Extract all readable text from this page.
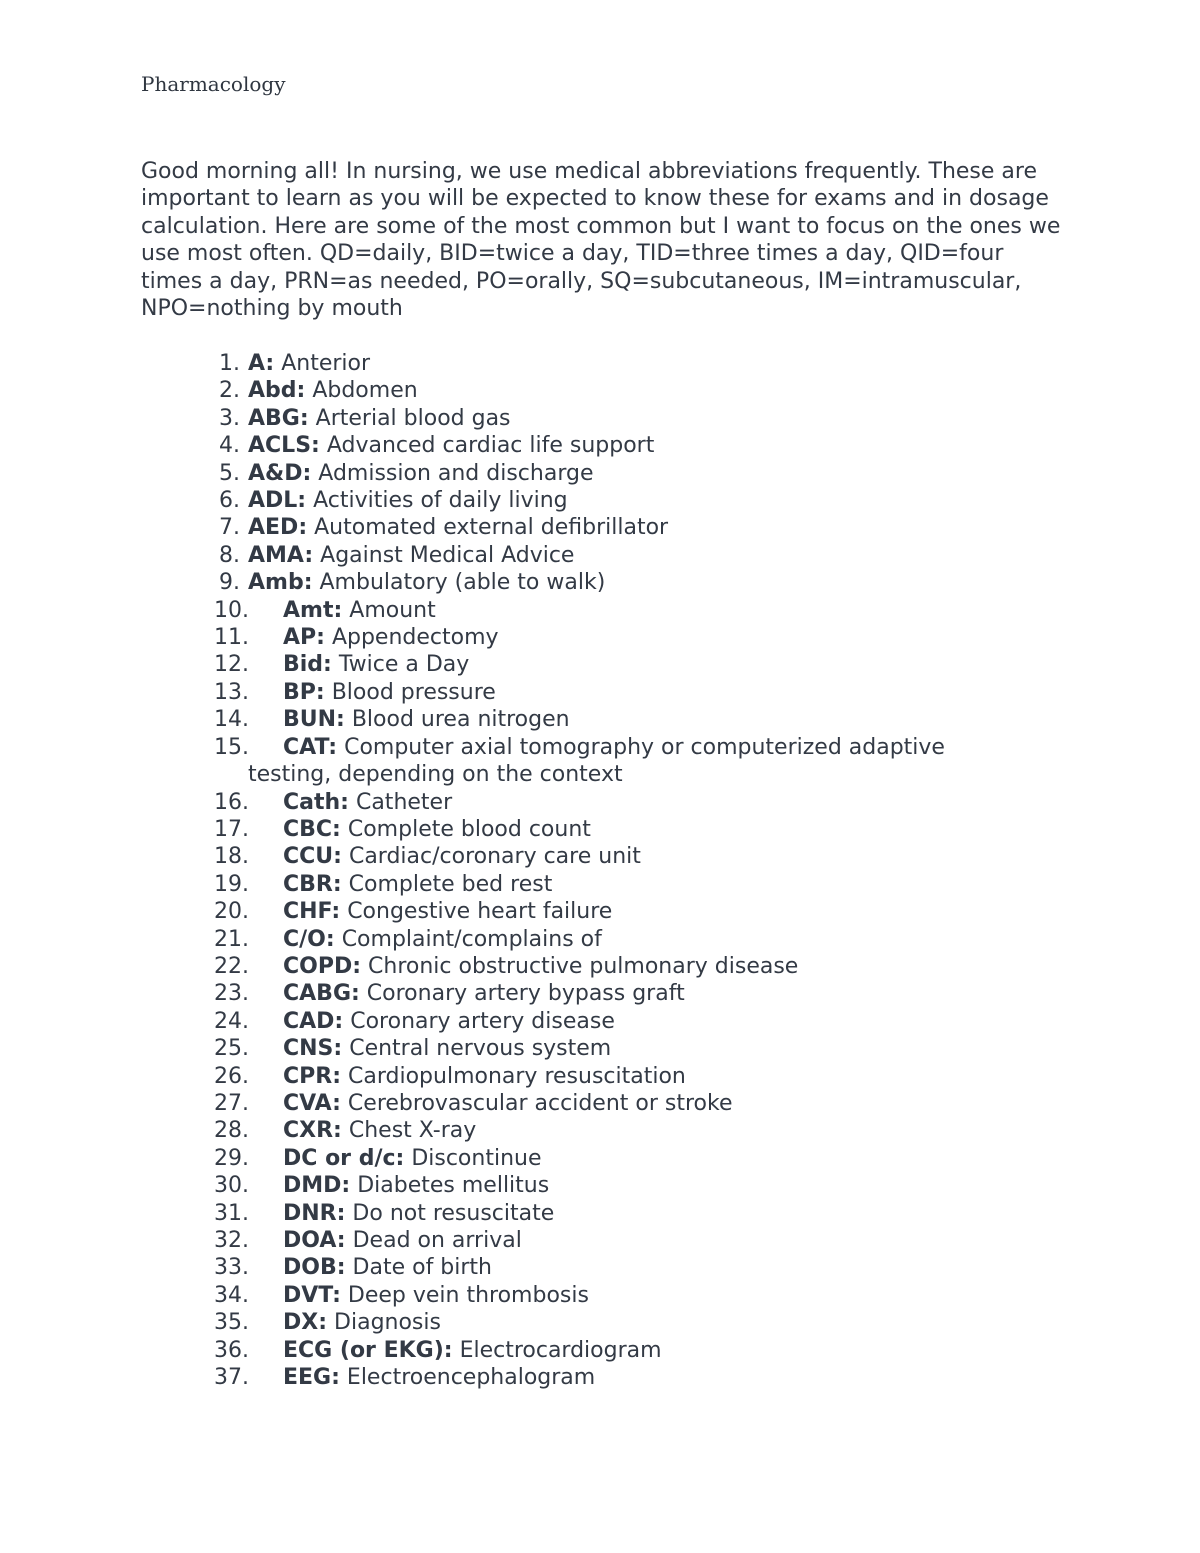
Pharmacology
Good morning all! In nursing, we use medical abbreviations frequently. These are important to learn as you will be expected to know these for exams and in dosage calculation. Here are some of the most common but I want to focus on the ones we use most often. QD=daily, BID=twice a day, TID=three times a day, QID=four times a day, PRN=as needed, PO=orally, SQ=subcutaneous, IM=intramuscular, NPO=nothing by mouth
1. A: Anterior
2. Abd: Abdomen
3. ABG: Arterial blood gas
4. ACLS: Advanced cardiac life support
5. A&D: Admission and discharge
6. ADL: Activities of daily living
7. AED: Automated external defibrillator
8. AMA: Against Medical Advice
9. Amb: Ambulatory (able to walk)
10.	Amt: Amount
11.	AP: Appendectomy
12.	Bid: Twice a Day
13.	BP: Blood pressure
14.	BUN: Blood urea nitrogen
15.	CAT: Computer axial tomography or computerized adaptive testing, depending on the context
16.	Cath: Catheter
17.	CBC: Complete blood count
18.	CCU: Cardiac/coronary care unit
19.	CBR: Complete bed rest
20.	CHF: Congestive heart failure
21.	C/O: Complaint/complains of
22.	COPD: Chronic obstructive pulmonary disease
23.	CABG: Coronary artery bypass graft
24.	CAD: Coronary artery disease
25.	CNS: Central nervous system
26.	CPR: Cardiopulmonary resuscitation
27.	CVA: Cerebrovascular accident or stroke
28.	CXR: Chest X-ray
29.	DC or d/c: Discontinue
30.	DMD: Diabetes mellitus
31.	DNR: Do not resuscitate
32.	DOA: Dead on arrival
33.	DOB: Date of birth
34.	DVT: Deep vein thrombosis
35.	DX: Diagnosis
36.	ECG (or EKG): Electrocardiogram
37.	EEG: Electroencephalogram
